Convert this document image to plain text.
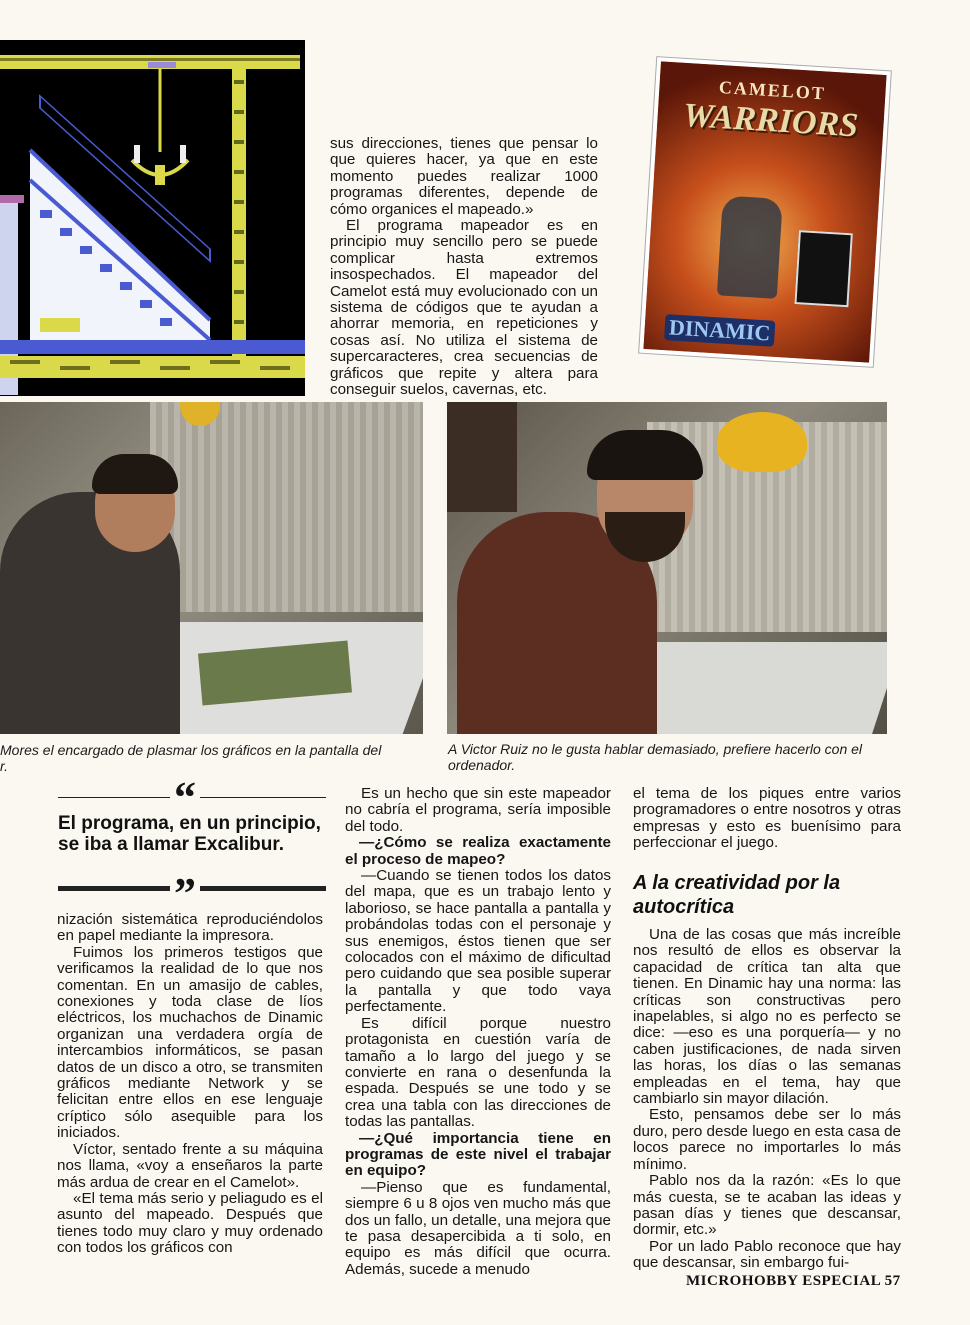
sus direcciones, tienes que pensar lo que quieres hacer, ya que en este momento puedes realizar 1000 programas diferentes, depende de cómo organices el mapeado.»

El programa mapeador es en principio muy sencillo pero se puede complicar hasta extremos insospechados. El mapeador del Camelot está muy evolucionado con un sistema de códigos que te ayudan a ahorrar memoria, en repeticiones y cosas así. No utiliza el sistema de supercaracteres, crea secuencias de gráficos que repite y altera para conseguir suelos, cavernas, etc.

CAMELOT
WARRIORS
DINAMIC
Mores el encargado de plasmar los gráficos en la pantalla del
r.
A Victor Ruiz no le gusta hablar demasiado, prefiere hacerlo con el ordenador.
“
El programa, en un principio, se iba a llamar Excalibur.
”

nización sistemática reproduciéndolos en papel mediante la impresora.

Fuimos los primeros testigos que verificamos la realidad de lo que nos comentan. En un amasijo de cables, conexiones y toda clase de líos eléctricos, los muchachos de Dinamic organizan una verdadera orgía de intercambios informáticos, se pasan datos de un disco a otro, se transmiten gráficos mediante Network y se felicitan entre ellos en ese lenguaje críptico sólo asequible para los iniciados.

Víctor, sentado frente a su máquina nos llama, «voy a enseñaros la parte más ardua de crear en el Camelot».

«El tema más serio y peliagudo es el asunto del mapeado. Después que tienes todo muy claro y muy ordenado con todos los gráficos con

Es un hecho que sin este mapeador no cabría el programa, sería imposible del todo.

—¿Cómo se realiza exactamente el proceso de mapeo?

—Cuando se tienen todos los datos del mapa, que es un trabajo lento y laborioso, se hace pantalla a pantalla y probándolas todas con el personaje y sus enemigos, éstos tienen que ser colocados con el máximo de dificultad pero cuidando que sea posible superar la pantalla y que todo vaya perfectamente.

Es difícil porque nuestro protagonista en cuestión varía de tamaño a lo largo del juego y se convierte en rana o desenfunda la espada. Después se une todo y se crea una tabla con las direcciones de todas las pantallas.

—¿Qué importancia tiene en programas de este nivel el trabajar en equipo?

—Pienso que es fundamental, siempre 6 u 8 ojos ven mucho más que dos un fallo, un detalle, una mejora que te pasa desapercibida a ti solo, en equipo es más difícil que ocurra. Además, sucede a menudo

el tema de los piques entre varios programadores o entre nosotros y otras empresas y esto es buenísimo para perfeccionar el juego.

A la creatividad por la autocrítica

Una de las cosas que más increíble nos resultó de ellos es observar la capacidad de crítica tan alta que tienen. En Dinamic hay una norma: las críticas son constructivas pero inapelables, si algo no es perfecto se dice: —eso es una porquería— y no caben justificaciones, de nada sirven las horas, los días o las semanas empleadas en el tema, hay que cambiarlo sin mayor dilación.

Esto, pensamos debe ser lo más duro, pero desde luego en esta casa de locos parece no importarles lo más mínimo.

Pablo nos da la razón: «Es lo que más cuesta, se te acaban las ideas y pasan días y tienes que descansar, dormir, etc.»

Por un lado Pablo reconoce que hay que descansar, sin embargo fui-

MICROHOBBY ESPECIAL 57
